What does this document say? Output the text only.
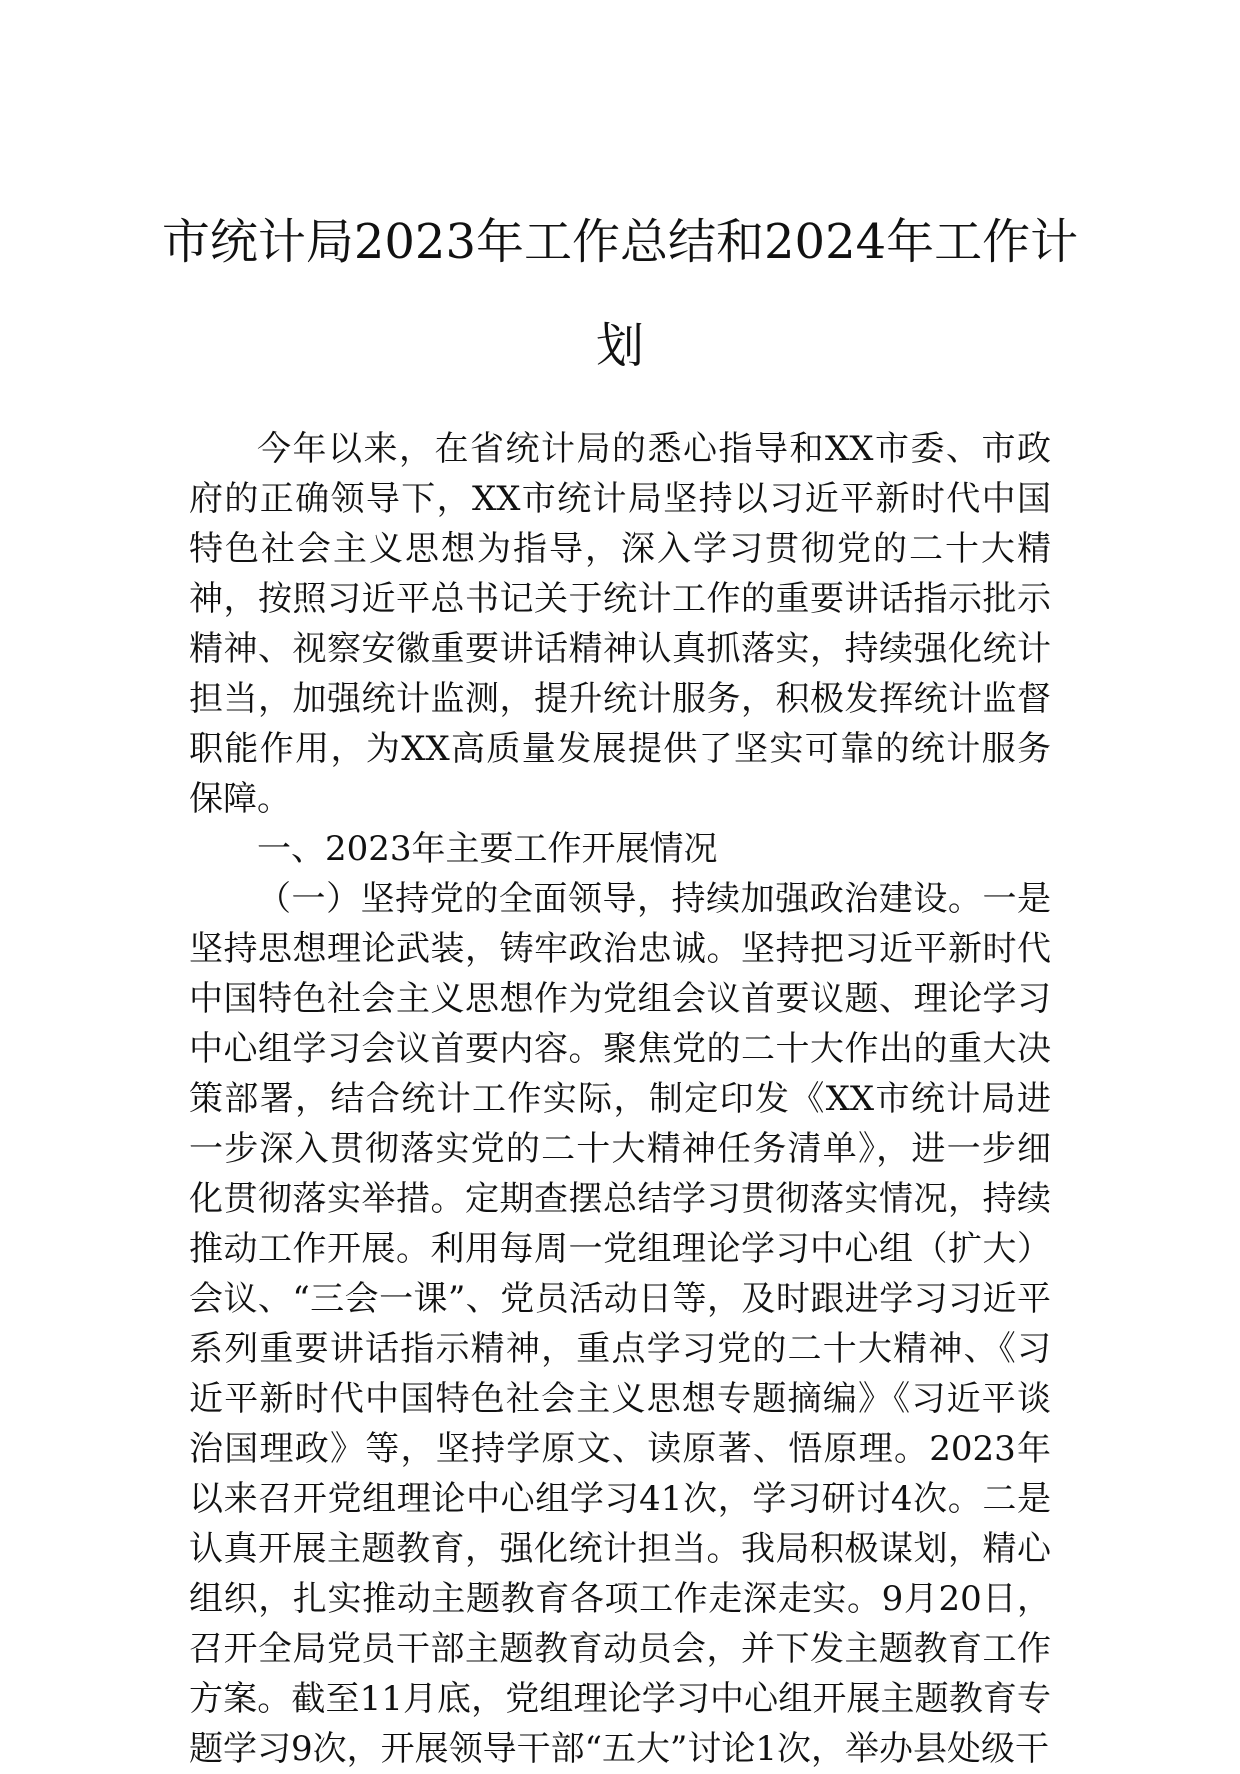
市统计局2023年工作总结和2024年工作计划

今年以来，在省统计局的悉心指导和XX市委、市政府的正确领导下，XX市统计局坚持以习近平新时代中国特色社会主义思想为指导，深入学习贯彻党的二十大精神，按照习近平总书记关于统计工作的重要讲话指示批示精神、视察安徽重要讲话精神认真抓落实，持续强化统计担当，加强统计监测，提升统计服务，积极发挥统计监督职能作用，为XX高质量发展提供了坚实可靠的统计服务保障。

一、2023年主要工作开展情况

（一）坚持党的全面领导，持续加强政治建设。一是坚持思想理论武装，铸牢政治忠诚。坚持把习近平新时代中国特色社会主义思想作为党组会议首要议题、理论学习中心组学习会议首要内容。聚焦党的二十大作出的重大决策部署，结合统计工作实际，制定印发《XX市统计局进一步深入贯彻落实党的二十大精神任务清单》，进一步细化贯彻落实举措。定期查摆总结学习贯彻落实情况，持续推动工作开展。利用每周一党组理论学习中心组（扩大）会议、“三会一课”、党员活动日等，及时跟进学习习近平系列重要讲话指示精神，重点学习党的二十大精神、《习近平新时代中国特色社会主义思想专题摘编》《习近平谈治国理政》等，坚持学原文、读原著、悟原理。2023年以来召开党组理论中心组学习41次，学习研讨4次。二是认真开展主题教育，强化统计担当。我局积极谋划，精心组织，扎实推动主题教育各项工作走深走实。9月20日，召开全局党员干部主题教育动员会，并下发主题教育工作方案。截至11月底，党组理论学习中心组开展主题教育专题学习9次，开展领导干部“五大”讨论1次，举办县处级干
